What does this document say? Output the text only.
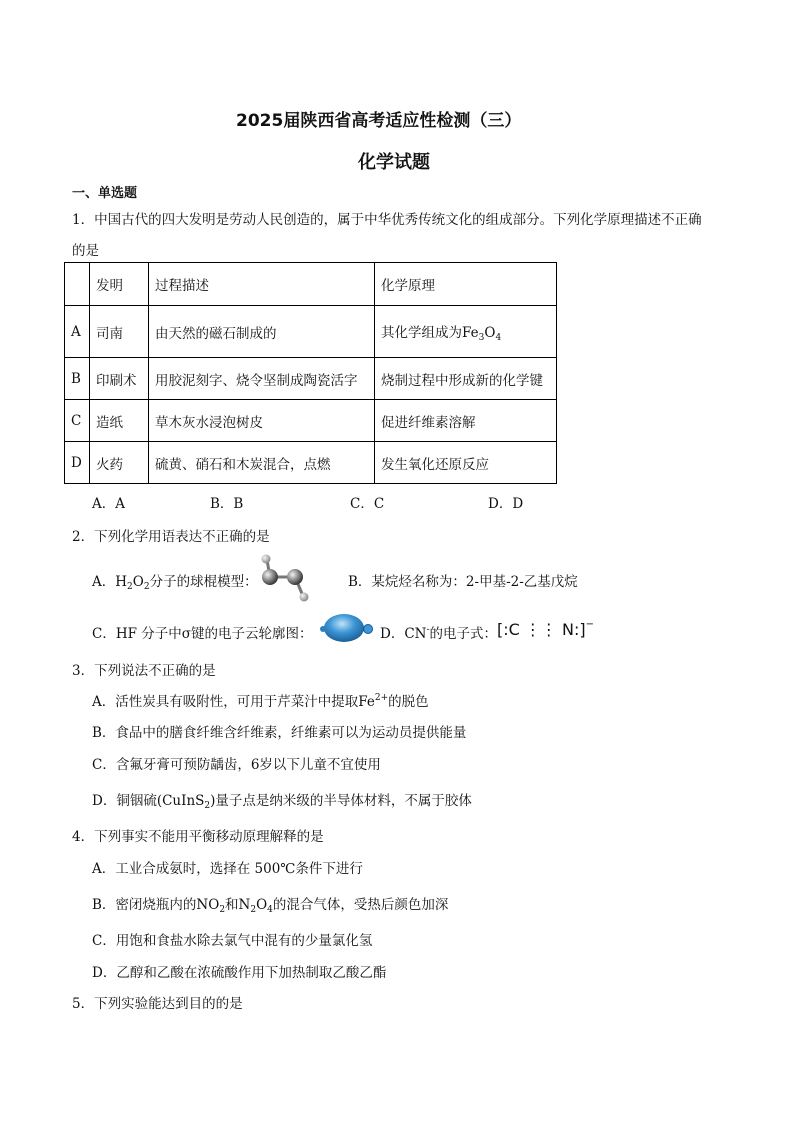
2025届陕西省高考适应性检测（三）
化学试题
一、单选题
1．中国古代的四大发明是劳动人民创造的，属于中华优秀传统文化的组成部分。下列化学原理描述不正确
的是
	发明	过程描述	化学原理
A	司南	由天然的磁石制成的	其化学组成为$Fe_3O_4$
B	印刷术	用胶泥刻字、烧令坚制成陶瓷活字	烧制过程中形成新的化学键
C	造纸	草木灰水浸泡树皮	促进纤维素溶解
D	火药	硫黄、硝石和木炭混合，点燃	发生氧化还原反应
A．A	B．B	C．C	D．D
2．下列化学用语表达不正确的是
A．$H_2O_2$分子的球棍模型：	B．某烷烃名称为：2-甲基-2-乙基戊烷
C．HF 分子中σ键的电子云轮廓图：	D．CN-的电子式： [:C ⋮⋮ N:]−
3．下列说法不正确的是
A．活性炭具有吸附性，可用于芹菜汁中提取$Fe^{2+}$的脱色
B．食品中的膳食纤维含纤维素，纤维素可以为运动员提供能量
C．含氟牙膏可预防龋齿，6岁以下儿童不宜使用
D．铜铟硫(CuInS$_2$)量子点是纳米级的半导体材料，不属于胶体
4．下列事实不能用平衡移动原理解释的是
A．工业合成氨时，选择在 500℃条件下进行
B．密闭烧瓶内的$NO_2$和$N_2O_4$的混合气体，受热后颜色加深
C．用饱和食盐水除去氯气中混有的少量氯化氢
D．乙醇和乙酸在浓硫酸作用下加热制取乙酸乙酯
5．下列实验能达到目的的是
